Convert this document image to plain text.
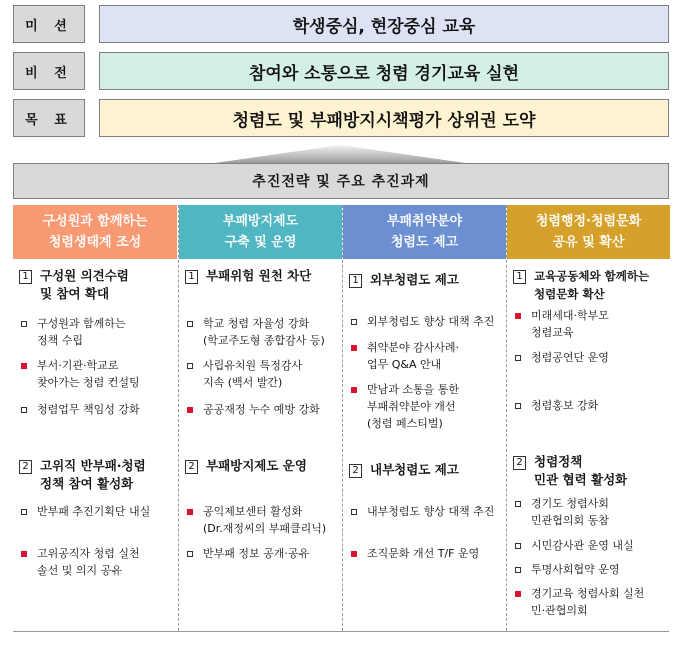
미 션	학생중심, 현장중심 교육
비 전	참여와 소통으로 청렴 경기교육 실현
목 표	청렴도 및 부패방지시책평가 상위권 도약
추진전략 및 주요 추진과제
구성원과 함께하는
청렴생태계 조성
1 구성원 의견수렴
및 참여 확대
구성원과 함께하는
정책 수립
부서·기관·학교로
찾아가는 청렴 컨설팅
청렴업무 책임성 강화
2 고위직 반부패·청렴
정책 참여 활성화
반부패 추진기획단 내실
고위공직자 청렴 실천
솔선 및 의지 공유
부패방지제도
구축 및 운영
1 부패위험 원천 차단
학교 청렴 자율성 강화
(학교주도형 종합감사 등)
사립유치원 특정감사
지속 (백서 발간)
공공재정 누수 예방 강화
2 부패방지제도 운영
공익제보센터 활성화
(Dr.재정씨의 부패클리닉)
반부패 정보 공개·공유
부패취약분야
청렴도 제고
1 외부청렴도 제고
외부청렴도 향상 대책 추진
취약분야 감사사례·
업무 Q&A 안내
만남과 소통을 통한
부패취약분야 개선
(청렴 페스티벌)
2 내부청렴도 제고
내부청렴도 향상 대책 추진
조직문화 개선 T/F 운영
청렴행정·청렴문화
공유 및 확산
1 교육공동체와 함께하는
청렴문화 확산
미래세대·학부모
청렴교육
청렴공연단 운영
청렴홍보 강화
2 청렴정책
민관 협력 활성화
경기도 청렴사회
민관협의회 동참
시민감사관 운영 내실
투명사회협약 운영
경기교육 청렴사회 실천
민·관협의회
